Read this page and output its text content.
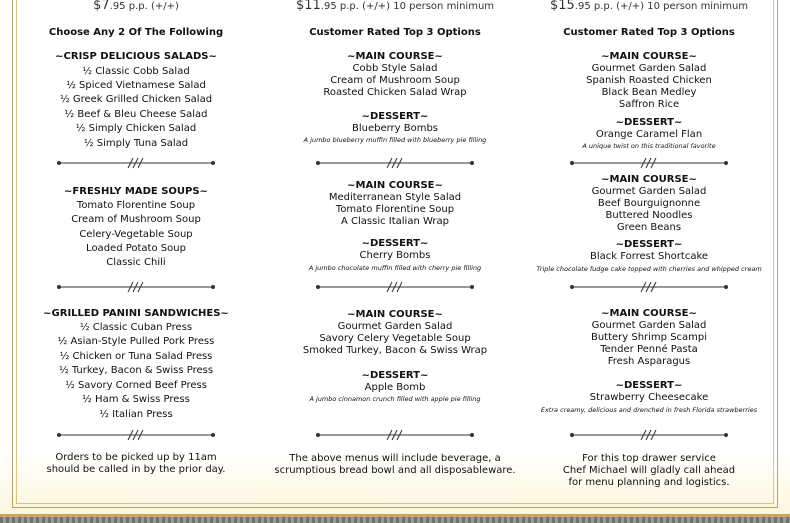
$7.95 p.p. (+/+)
Choose Any 2 Of The Following
~CRISP DELICIOUS SALADS~
½ Classic Cobb Salad
½ Spiced Vietnamese Salad
½ Greek Grilled Chicken Salad
½ Beef & Bleu Cheese Salad
½ Simply Chicken Salad
½ Simply Tuna Salad
~FRESHLY MADE SOUPS~
Tomato Florentine Soup
Cream of Mushroom Soup
Celery-Vegetable Soup
Loaded Potato Soup
Classic Chili
~GRILLED PANINI SANDWICHES~
½ Classic Cuban Press
½ Asian-Style Pulled Pork Press
½ Chicken or Tuna Salad Press
½ Turkey, Bacon & Swiss Press
½ Savory Corned Beef Press
½ Ham & Swiss Press
½ Italian Press
Orders to be picked up by 11am
should be called in by the prior day.
$11.95 p.p. (+/+) 10 person minimum
Customer Rated Top 3 Options
~MAIN COURSE~
Cobb Style Salad
Cream of Mushroom Soup
Roasted Chicken Salad Wrap
~DESSERT~
Blueberry Bombs
A jumbo blueberry muffin filled with blueberry pie filling
~MAIN COURSE~
Mediterranean Style Salad
Tomato Florentine Soup
A Classic Italian Wrap
~DESSERT~
Cherry Bombs
A jumbo chocolate muffin filled with cherry pie filling
~MAIN COURSE~
Gourmet Garden Salad
Savory Celery Vegetable Soup
Smoked Turkey, Bacon & Swiss Wrap
~DESSERT~
Apple Bomb
A jumbo cinnamon crunch filled with apple pie filling
The above menus will include beverage, a
scrumptious bread bowl and all disposableware.
$15.95 p.p. (+/+) 10 person minimum
Customer Rated Top 3 Options
~MAIN COURSE~
Gourmet Garden Salad
Spanish Roasted Chicken
Black Bean Medley
Saffron Rice
~DESSERT~
Orange Caramel Flan
A unique twist on this traditional favorite
~MAIN COURSE~
Gourmet Garden Salad
Beef Bourguignonne
Buttered Noodles
Green Beans
~DESSERT~
Black Forrest Shortcake
Triple chocolate fudge cake topped with cherries and whipped cream
~MAIN COURSE~
Gourmet Garden Salad
Buttery Shrimp Scampi
Tender Penné Pasta
Fresh Asparagus
~DESSERT~
Strawberry Cheesecake
Extra creamy, delicious and drenched in fresh Florida strawberries
For this top drawer service
Chef Michael will gladly call ahead
for menu planning and logistics.
